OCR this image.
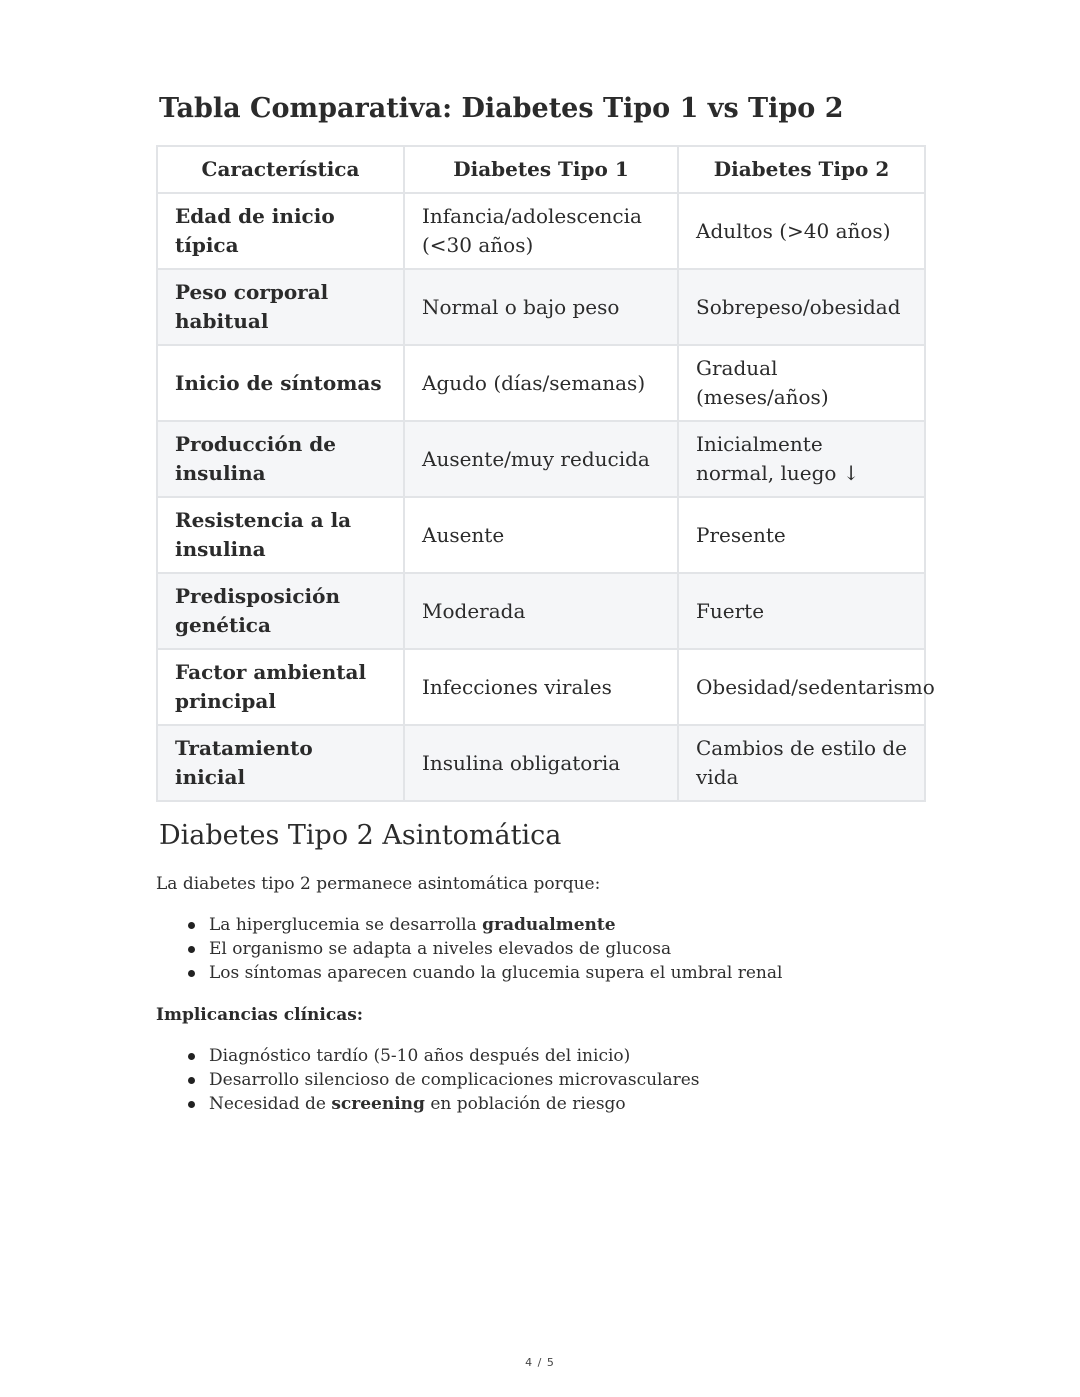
Tabla Comparativa: Diabetes Tipo 1 vs Tipo 2
Característica	Diabetes Tipo 1	Diabetes Tipo 2
Edad de inicio típica	Infancia/adolescencia (<30 años)	Adultos (>40 años)
Peso corporal habitual	Normal o bajo peso	Sobrepeso/obesidad
Inicio de síntomas	Agudo (días/semanas)	Gradual (meses/años)
Producción de insulina	Ausente/muy reducida	Inicialmente normal, luego ↓
Resistencia a la insulina	Ausente	Presente
Predisposición genética	Moderada	Fuerte
Factor ambiental principal	Infecciones virales	Obesidad/sedentarismo
Tratamiento inicial	Insulina obligatoria	Cambios de estilo de vida
Diabetes Tipo 2 Asintomática

La diabetes tipo 2 permanece asintomática porque:

La hiperglucemia se desarrolla gradualmente
El organismo se adapta a niveles elevados de glucosa
Los síntomas aparecen cuando la glucemia supera el umbral renal

Implicancias clínicas:

Diagnóstico tardío (5-10 años después del inicio)
Desarrollo silencioso de complicaciones microvasculares
Necesidad de screening en población de riesgo
4 / 5
